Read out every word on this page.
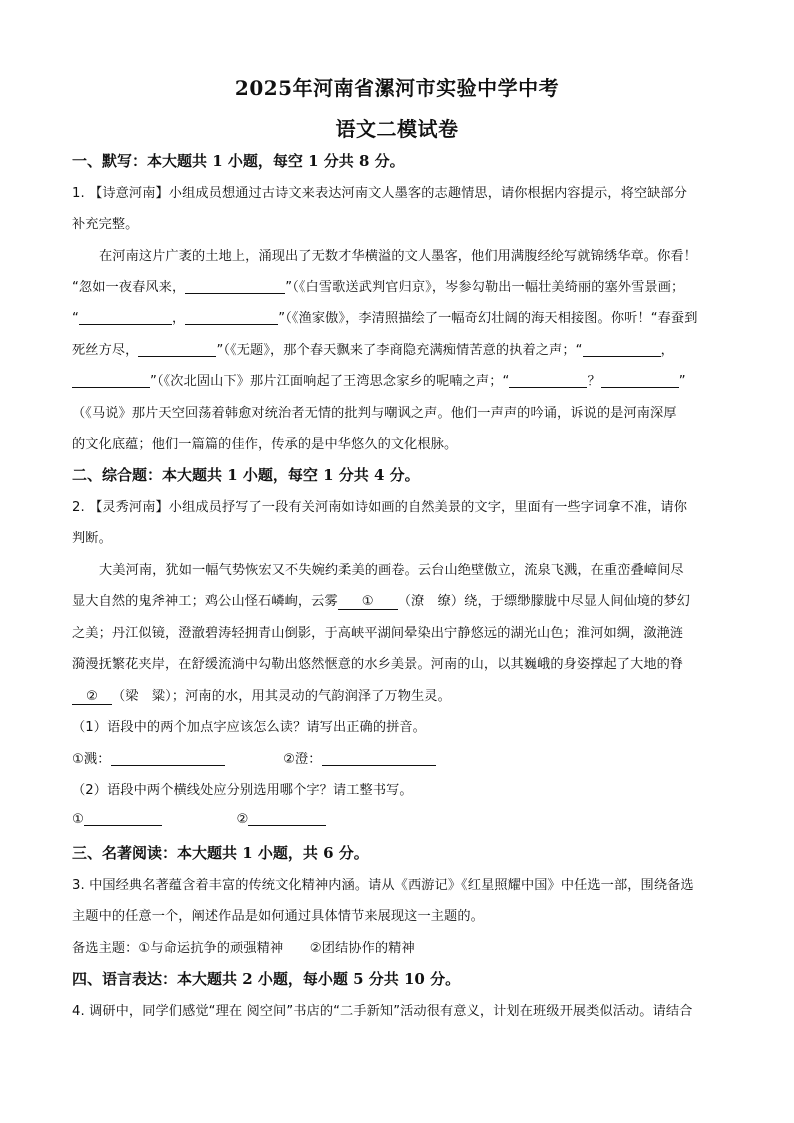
2025年河南省漯河市实验中学中考
语文二模试卷
一、默写：本大题共 1 小题，每空 1 分共 8 分。
1. 【诗意河南】小组成员想通过古诗文来表达河南文人墨客的志趣情思，请你根据内容提示，将空缺部分
补充完整。
在河南这片广袤的土地上，涌现出了无数才华横溢的文人墨客，他们用满腹经纶写就锦绣华章。你看！
“忽如一夜春风来，	”（《白雪歌送武判官归京》，岑参勾勒出一幅壮美绮丽的塞外雪景画；
“	，	”（《渔家傲》，李清照描绘了一幅奇幻壮阔的海天相接图。你听！“春蚕到
死丝方尽，	”（《无题》，那个春天飘来了李商隐充满痴情苦意的执着之声；“	，
”（《次北固山下》那片江面响起了王湾思念家乡的呢喃之声；“	？	”
（《马说》那片天空回荡着韩愈对统治者无情的批判与嘲讽之声。他们一声声的吟诵，诉说的是河南深厚
的文化底蕴；他们一篇篇的佳作，传承的是中华悠久的文化根脉。
二、综合题：本大题共 1 小题，每空 1 分共 4 分。
2. 【灵秀河南】小组成员抒写了一段有关河南如诗如画的自然美景的文字，里面有一些字词拿不准，请你
判断。
大美河南，犹如一幅气势恢宏又不失婉约柔美的画卷。云台山绝壁傲立，流泉飞溅，在重峦叠嶂间尽
显大自然的鬼斧神工；鸡公山怪石嶙峋，云雾 ① （潦　缭）绕，于缥缈朦胧中尽显人间仙境的梦幻
之美；丹江似镜，澄澈碧涛轻拥青山倒影，于高峡平湖间晕染出宁静悠远的湖光山色；淮河如绸，潋滟涟
漪漫抚繁花夹岸，在舒缓流淌中勾勒出悠然惬意的水乡美景。河南的山，以其巍峨的身姿撑起了大地的脊
② （梁　粱）；河南的水，用其灵动的气韵润泽了万物生灵。
（1）语段中的两个加点字应该怎么读？请写出正确的拼音。
①溅：	②澄：
（2）语段中两个横线处应分别选用哪个字？请工整书写。
①	②
三、名著阅读：本大题共 1 小题，共 6 分。
3. 中国经典名著蕴含着丰富的传统文化精神内涵。请从《西游记》《红星照耀中国》中任选一部，围绕备选
主题中的任意一个，阐述作品是如何通过具体情节来展现这一主题的。
备选主题：①与命运抗争的顽强精神　　②团结协作的精神
四、语言表达：本大题共 2 小题，每小题 5 分共 10 分。
4. 调研中，同学们感觉“理在 阅空间”书店的“二手新知”活动很有意义，计划在班级开展类似活动。请结合
